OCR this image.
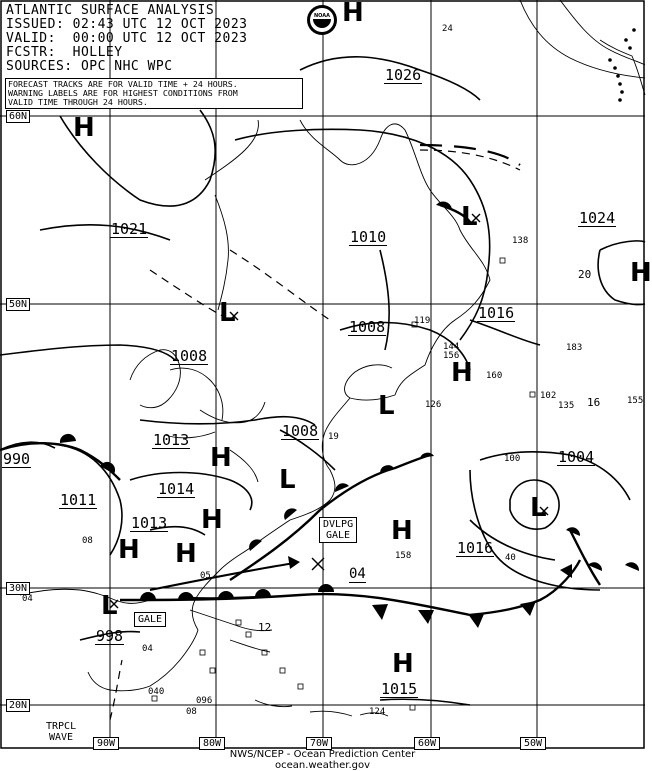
ATLANTIC SURFACE ANALYSIS
ISSUED: 02:43 UTC 12 OCT 2023
VALID:  00:00 UTC 12 OCT 2023
FCSTR:  HOLLEY
SOURCES: OPC NHC WPC
FORECAST TRACKS ARE FOR VALID TIME + 24 HOURS.
WARNING LABELS ARE FOR HIGHEST CONDITIONS FROM
VALID TIME THROUGH 24 HOURS.
NOAA
1026
1021	1010
1024
1016
1008
1008
1013	1008
1004
1014
1011
1013
1016
998
1015
990
H
H
H
L
L
H
L
H
L
H	H
H
L
H
L
H
DVLPG
GALE
GALE
TRPCL
WAVE
60N
50N
30N
20N
90W	80W	70W	60W	50W
24
138
20
183
119
144
156
160
126	135 16	155
102
19
100
40
158
04
08
04
12
04
05
096
08	124
040
NWS/NCEP - Ocean Prediction Center
ocean.weather.gov
